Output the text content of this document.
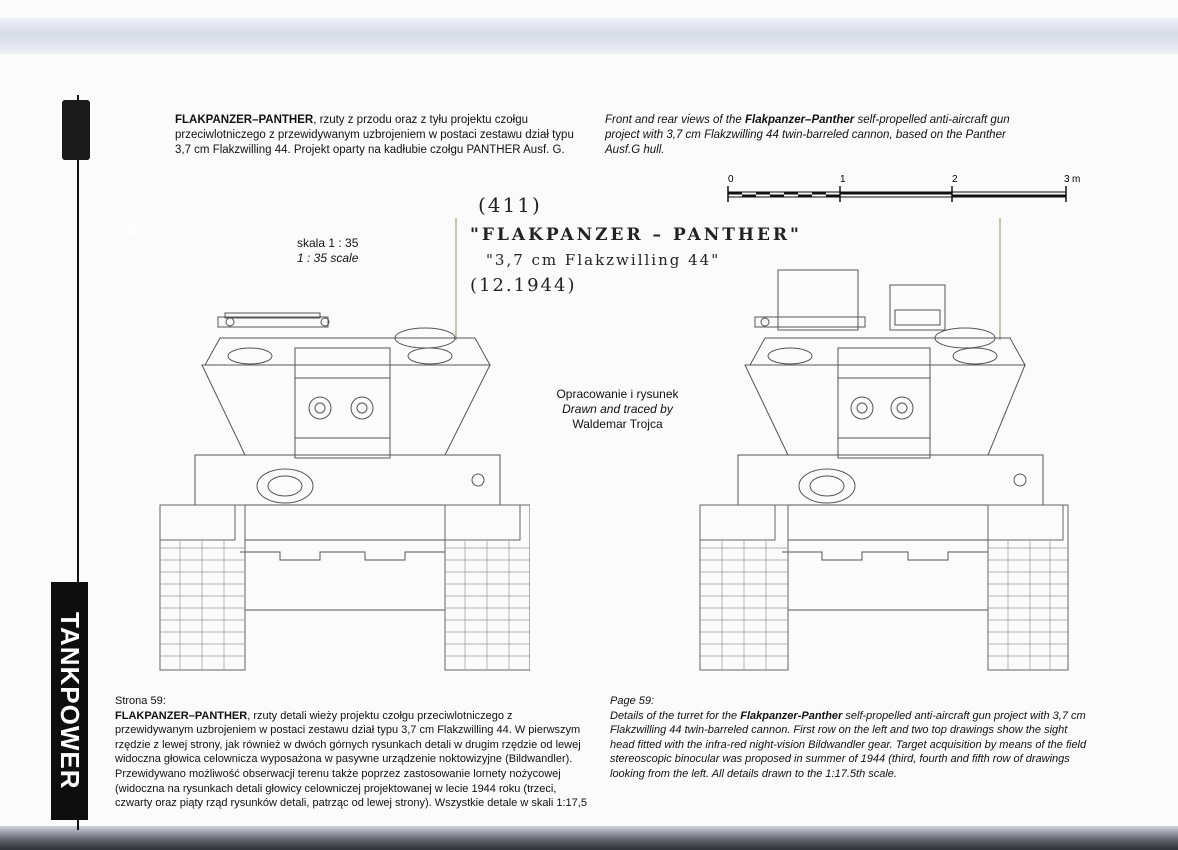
58
TANKPOWER
FLAKPANZER–PANTHER, rzuty z przodu oraz z tyłu projektu czołgu przeciwlotniczego z przewidywanym uzbrojeniem w postaci zestawu dział typu 3,7 cm Flakzwilling 44. Projekt oparty na kadłubie czołgu PANTHER Ausf. G.
Front and rear views of the Flakpanzer–Panther self-propelled anti-aircraft gun project with 3,7 cm Flakzwilling 44 twin-barreled cannon, based on the Panther Ausf.G hull.
skala 1 : 35
1 : 35 scale
(411)
"FLAKPANZER – PANTHER"
"3,7 cm Flakzwilling 44"
(12.1944)
Opracowanie i rysunek
Drawn and traced by
Waldemar Trojca
0	1	2	3 m
Strona 59:
FLAKPANZER–PANTHER, rzuty detali wieży projektu czołgu przeciwlotniczego z przewidywanym uzbrojeniem w postaci zestawu dział typu 3,7 cm Flakzwilling 44. W pierwszym rzędzie z lewej strony, jak również w dwóch górnych rysunkach detali w drugim rzędzie od lewej widoczna głowica celownicza wyposażona w pasywne urządzenie noktowizyjne (Bildwandler). Przewidywano możliwość obserwacji terenu także poprzez zastosowanie lornety nożycowej (widoczna na rysunkach detali głowicy celowniczej projektowanej w lecie 1944 roku (trzeci, czwarty oraz piąty rząd rysunków detali, patrząc od lewej strony). Wszystkie detale w skali 1:17,5
Page 59:
Details of the turret for the Flakpanzer-Panther self-propelled anti-aircraft gun project with 3,7 cm Flakzwilling 44 twin-barreled cannon. First row on the left and two top drawings show the sight head fitted with the infra-red night-vision Bildwandler gear. Target acquisition by means of the field stereoscopic binocular was proposed in summer of 1944 (third, fourth and fifth row of drawings looking from the left. All details drawn to the 1:17.5th scale.
